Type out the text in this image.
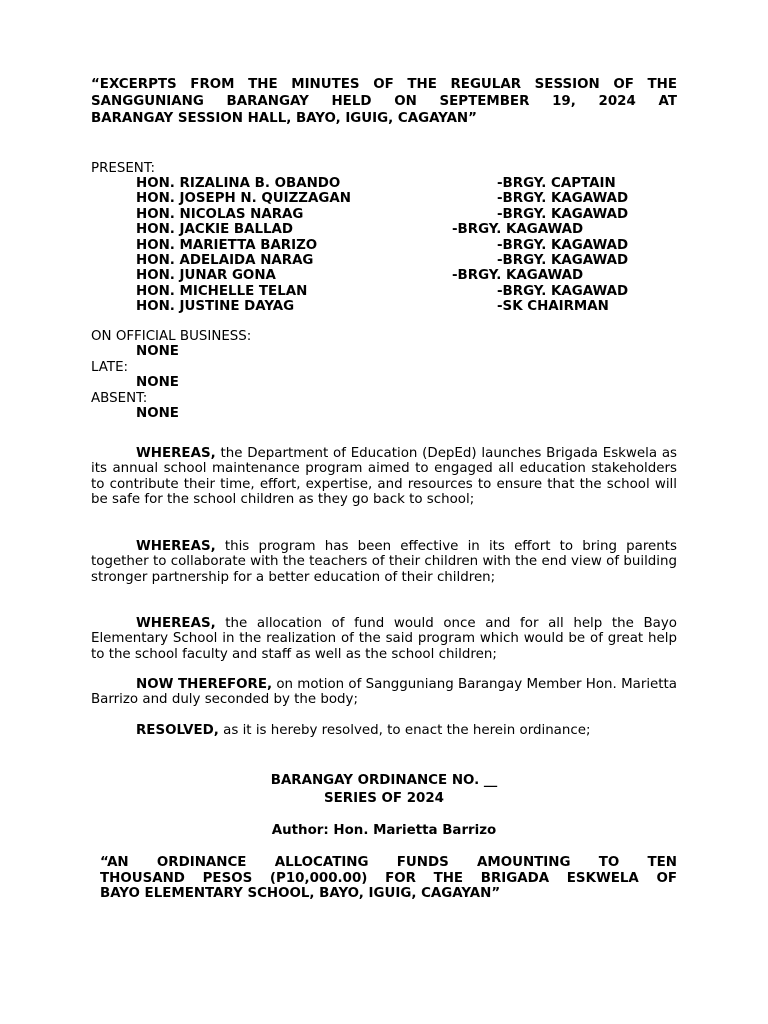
“EXCERPTS FROM THE MINUTES OF THE REGULAR SESSION OF THE
SANGGUNIANG BARANGAY HELD ON SEPTEMBER 19, 2024 AT
BARANGAY SESSION HALL, BAYO, IGUIG, CAGAYAN”
PRESENT:
HON. RIZALINA B. OBANDO	-BRGY. CAPTAIN
HON. JOSEPH N. QUIZZAGAN	-BRGY. KAGAWAD
HON. NICOLAS NARAG	-BRGY. KAGAWAD
HON. JACKIE BALLAD	-BRGY. KAGAWAD
HON. MARIETTA BARIZO	-BRGY. KAGAWAD
HON. ADELAIDA NARAG	-BRGY. KAGAWAD
HON. JUNAR GONA	-BRGY. KAGAWAD
HON. MICHELLE TELAN	-BRGY. KAGAWAD
HON. JUSTINE DAYAG	-SK CHAIRMAN
ON OFFICIAL BUSINESS:
NONE
LATE:
NONE
ABSENT:
NONE
WHEREAS, the Department of Education (DepEd) launches Brigada Eskwela as its annual school maintenance program aimed to engaged all education stakeholders to contribute their time, effort, expertise, and resources to ensure that the school will be safe for the school children as they go back to school;
WHEREAS, this program has been effective in its effort to bring parents together to collaborate with the teachers of their children with the end view of building stronger partnership for a better education of their children;
WHEREAS, the allocation of fund would once and for all help the Bayo Elementary School in the realization of the said program which would be of great help to the school faculty and staff as well as the school children;
NOW THEREFORE, on motion of Sangguniang Barangay Member Hon. Marietta Barrizo and duly seconded by the body;
RESOLVED, as it is hereby resolved, to enact the herein ordinance;
BARANGAY ORDINANCE NO. __
SERIES OF 2024
Author: Hon. Marietta Barrizo
“AN ORDINANCE ALLOCATING FUNDS AMOUNTING TO TEN
THOUSAND PESOS (P10,000.00) FOR THE BRIGADA ESKWELA OF
BAYO ELEMENTARY SCHOOL, BAYO, IGUIG, CAGAYAN”
